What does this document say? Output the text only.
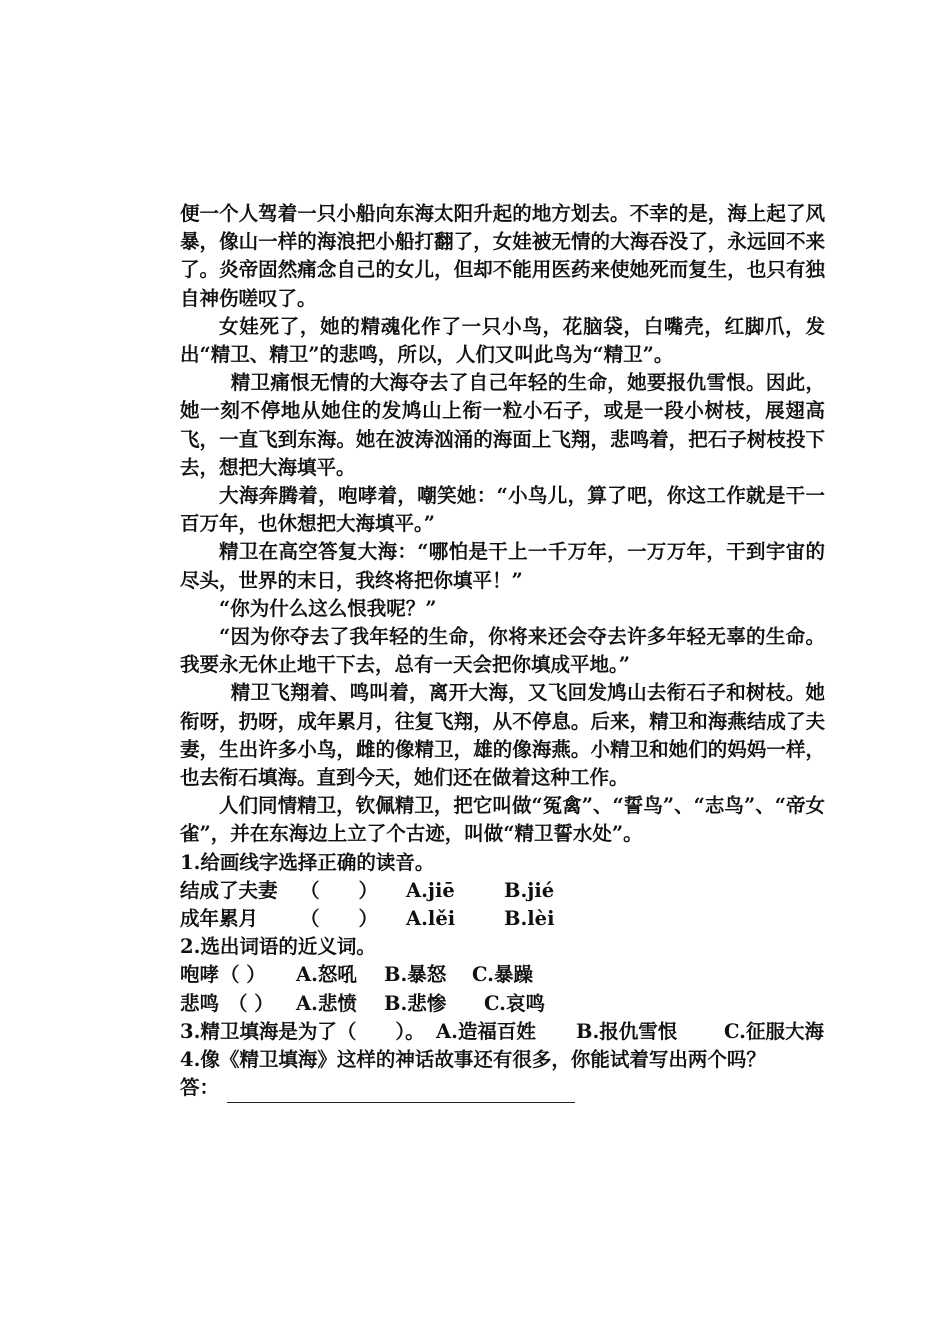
便一个人驾着一只小船向东海太阳升起的地方划去。不幸的是，海上起了风暴，像山一样的海浪把小船打翻了，女娃被无情的大海吞没了，永远回不来了。炎帝固然痛念自己的女儿，但却不能用医药来使她死而复生，也只有独自神伤嗟叹了。

女娃死了，她的精魂化作了一只小鸟，花脑袋，白嘴壳，红脚爪，发出“精卫、精卫”的悲鸣，所以，人们又叫此鸟为“精卫”。

精卫痛恨无情的大海夺去了自己年轻的生命，她要报仇雪恨。因此，她一刻不停地从她住的发鸠山上衔一粒小石子，或是一段小树枝，展翅高飞，一直飞到东海。她在波涛汹涌的海面上飞翔，悲鸣着，把石子树枝投下去，想把大海填平。

大海奔腾着，咆哮着，嘲笑她：“小鸟儿，算了吧，你这工作就是干一百万年，也休想把大海填平。”

精卫在高空答复大海：“哪怕是干上一千万年，一万万年，干到宇宙的尽头，世界的末日，我终将把你填平！”

“你为什么这么恨我呢？”

“因为你夺去了我年轻的生命，你将来还会夺去许多年轻无辜的生命。我要永无休止地干下去，总有一天会把你填成平地。”

精卫飞翔着、鸣叫着，离开大海，又飞回发鸠山去衔石子和树枝。她衔呀，扔呀，成年累月，往复飞翔，从不停息。后来，精卫和海燕结成了夫妻，生出许多小鸟，雌的像精卫，雄的像海燕。小精卫和她们的妈妈一样，也去衔石填海。直到今天，她们还在做着这种工作。

人们同情精卫，钦佩精卫，把它叫做“冤禽”、“誓鸟”、“志鸟”、“帝女雀”，并在东海边上立了个古迹，叫做“精卫誓水处”。

1.给画线字选择正确的读音。
结成了夫妻 （　　） A.jiē	B.jié
成年累月 （　　） A.lěi	B.lèi
2.选出词语的近义词。
咆哮（ ） A.怒吼 B.暴怒 C.暴躁
悲鸣 （ ） A.悲愤 B.悲惨 C.哀鸣
3.精卫填海是为了（　　）。 A.造福百姓 B.报仇雪恨 C.征服大海
4.像《精卫填海》这样的神话故事还有很多，你能试着写出两个吗？
答：
